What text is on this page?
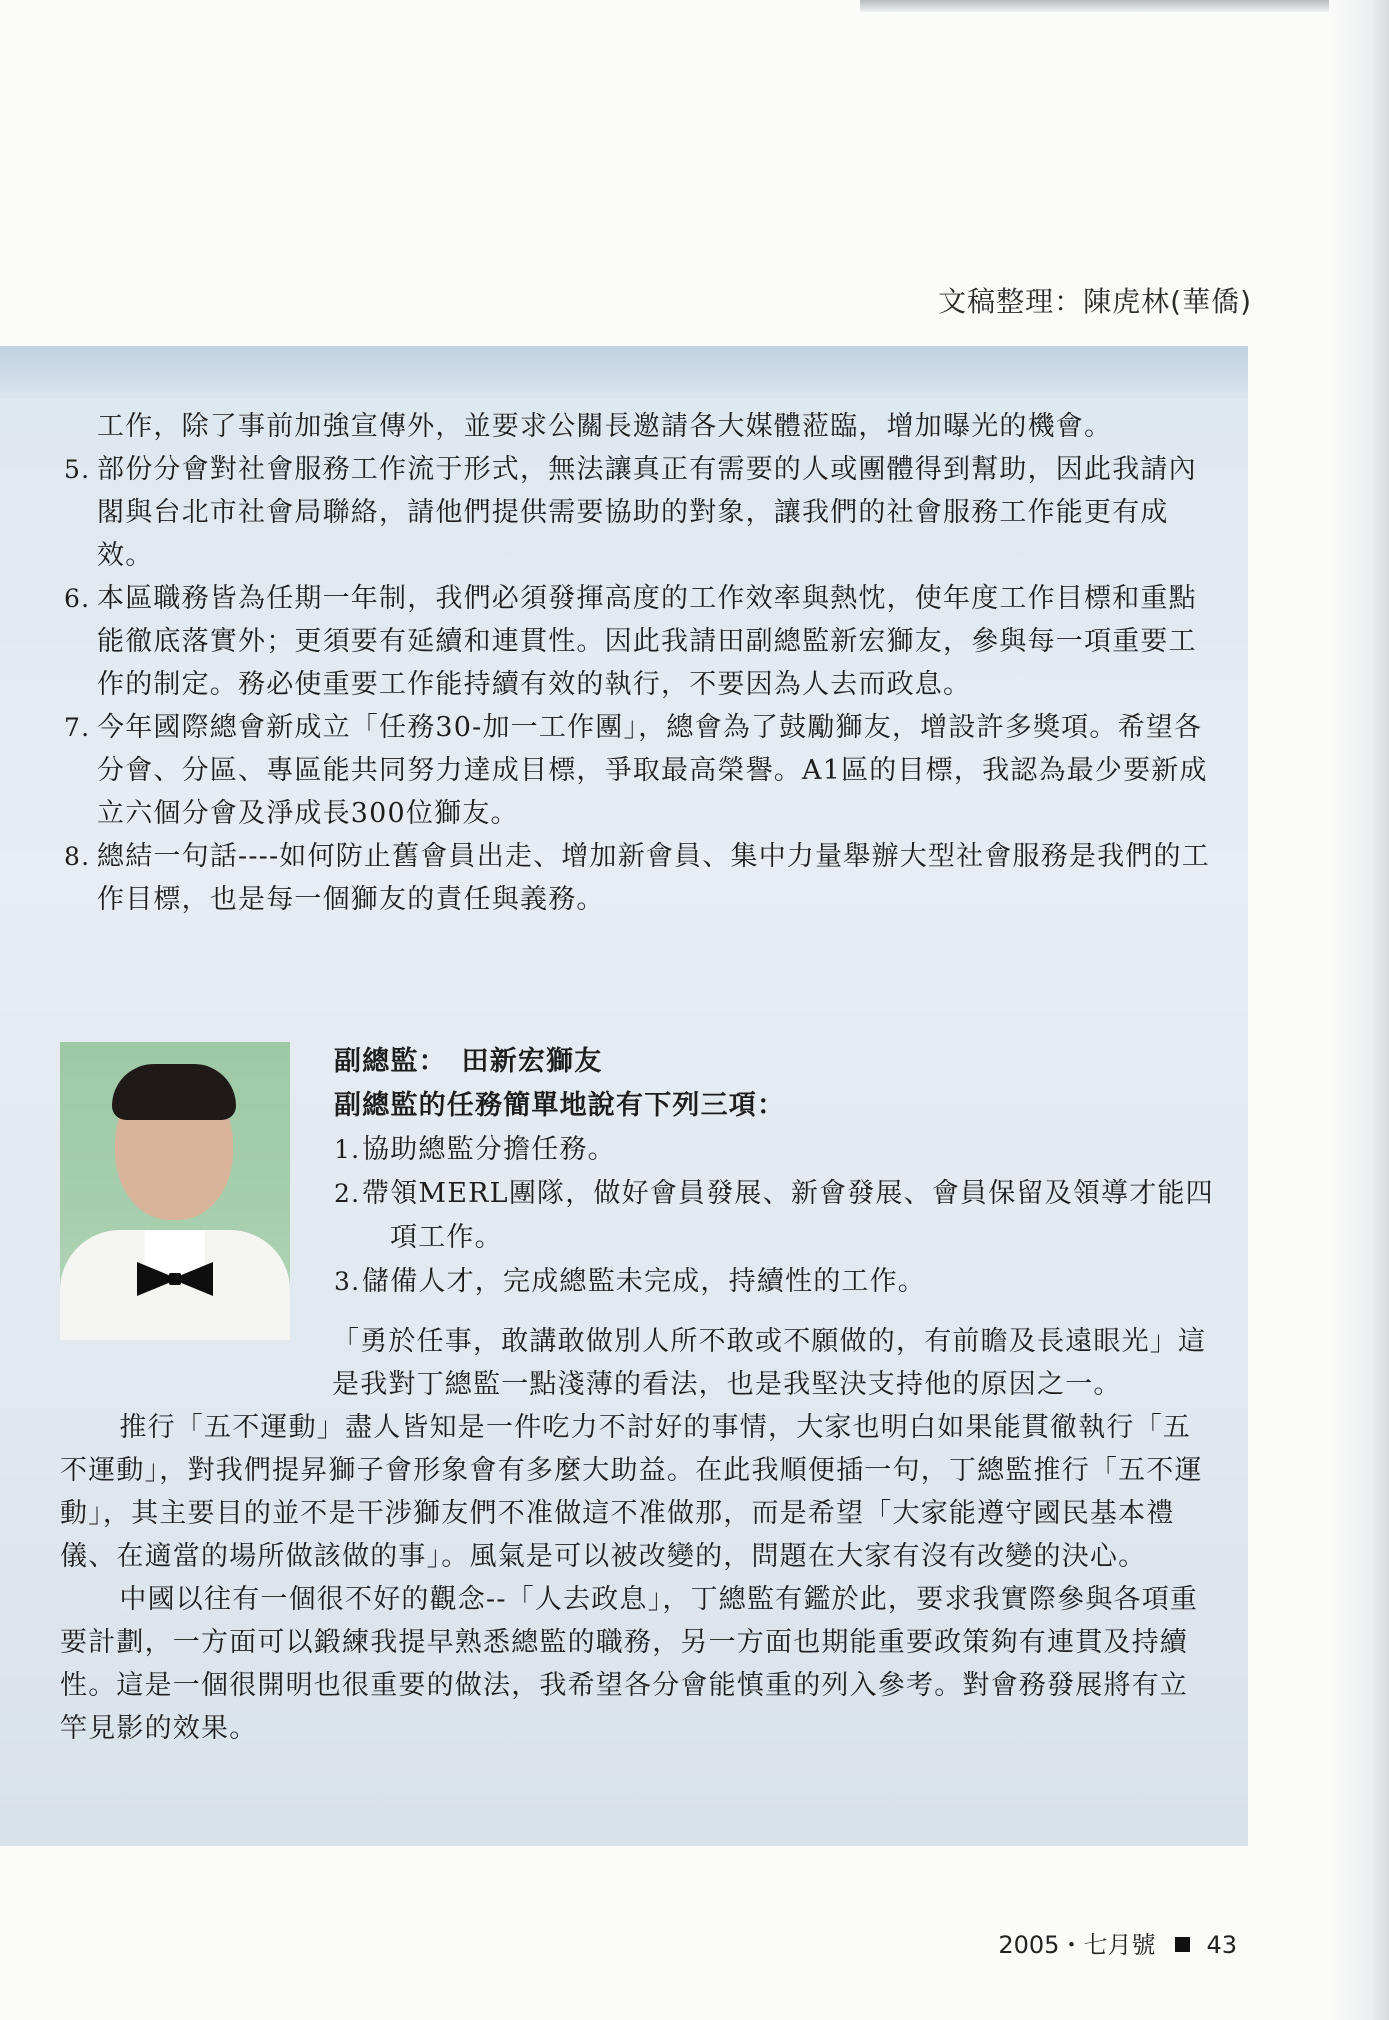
文稿整理：陳虎林(華僑)

工作，除了事前加強宣傳外，並要求公關長邀請各大媒體蒞臨，增加曝光的機會。

5. 部份分會對社會服務工作流于形式，無法讓真正有需要的人或團體得到幫助，因此我請內閣與台北市社會局聯絡，請他們提供需要協助的對象，讓我們的社會服務工作能更有成效。
6. 本區職務皆為任期一年制，我們必須發揮高度的工作效率與熱忱，使年度工作目標和重點能徹底落實外；更須要有延續和連貫性。因此我請田副總監新宏獅友，參與每一項重要工作的制定。務必使重要工作能持續有效的執行，不要因為人去而政息。
7. 今年國際總會新成立「任務30-加一工作團」，總會為了鼓勵獅友，增設許多獎項。希望各分會、分區、專區能共同努力達成目標，爭取最高榮譽。A1區的目標，我認為最少要新成立六個分會及淨成長300位獅友。
8. 總結一句話----如何防止舊會員出走、增加新會員、集中力量舉辦大型社會服務是我們的工作目標，也是每一個獅友的責任與義務。

副總監：　田新宏獅友

副總監的任務簡單地說有下列三項：

1. 協助總監分擔任務。
2. 帶領MERL團隊，做好會員發展、新會發展、會員保留及領導才能四
項工作。
3. 儲備人才，完成總監未完成，持續性的工作。

「勇於任事，敢講敢做別人所不敢或不願做的，有前瞻及長遠眼光」這是我對丁總監一點淺薄的看法，也是我堅決支持他的原因之一。

推行「五不運動」盡人皆知是一件吃力不討好的事情，大家也明白如果能貫徹執行「五不運動」，對我們提昇獅子會形象會有多麼大助益。在此我順便插一句，丁總監推行「五不運動」，其主要目的並不是干涉獅友們不准做這不准做那，而是希望「大家能遵守國民基本禮儀、在適當的場所做該做的事」。風氣是可以被改變的，問題在大家有沒有改變的決心。

中國以往有一個很不好的觀念--「人去政息」，丁總監有鑑於此，要求我實際參與各項重要計劃，一方面可以鍛練我提早熟悉總監的職務，另一方面也期能重要政策夠有連貫及持續性。這是一個很開明也很重要的做法，我希望各分會能慎重的列入參考。對會務發展將有立竿見影的效果。

2005・七月號 43
